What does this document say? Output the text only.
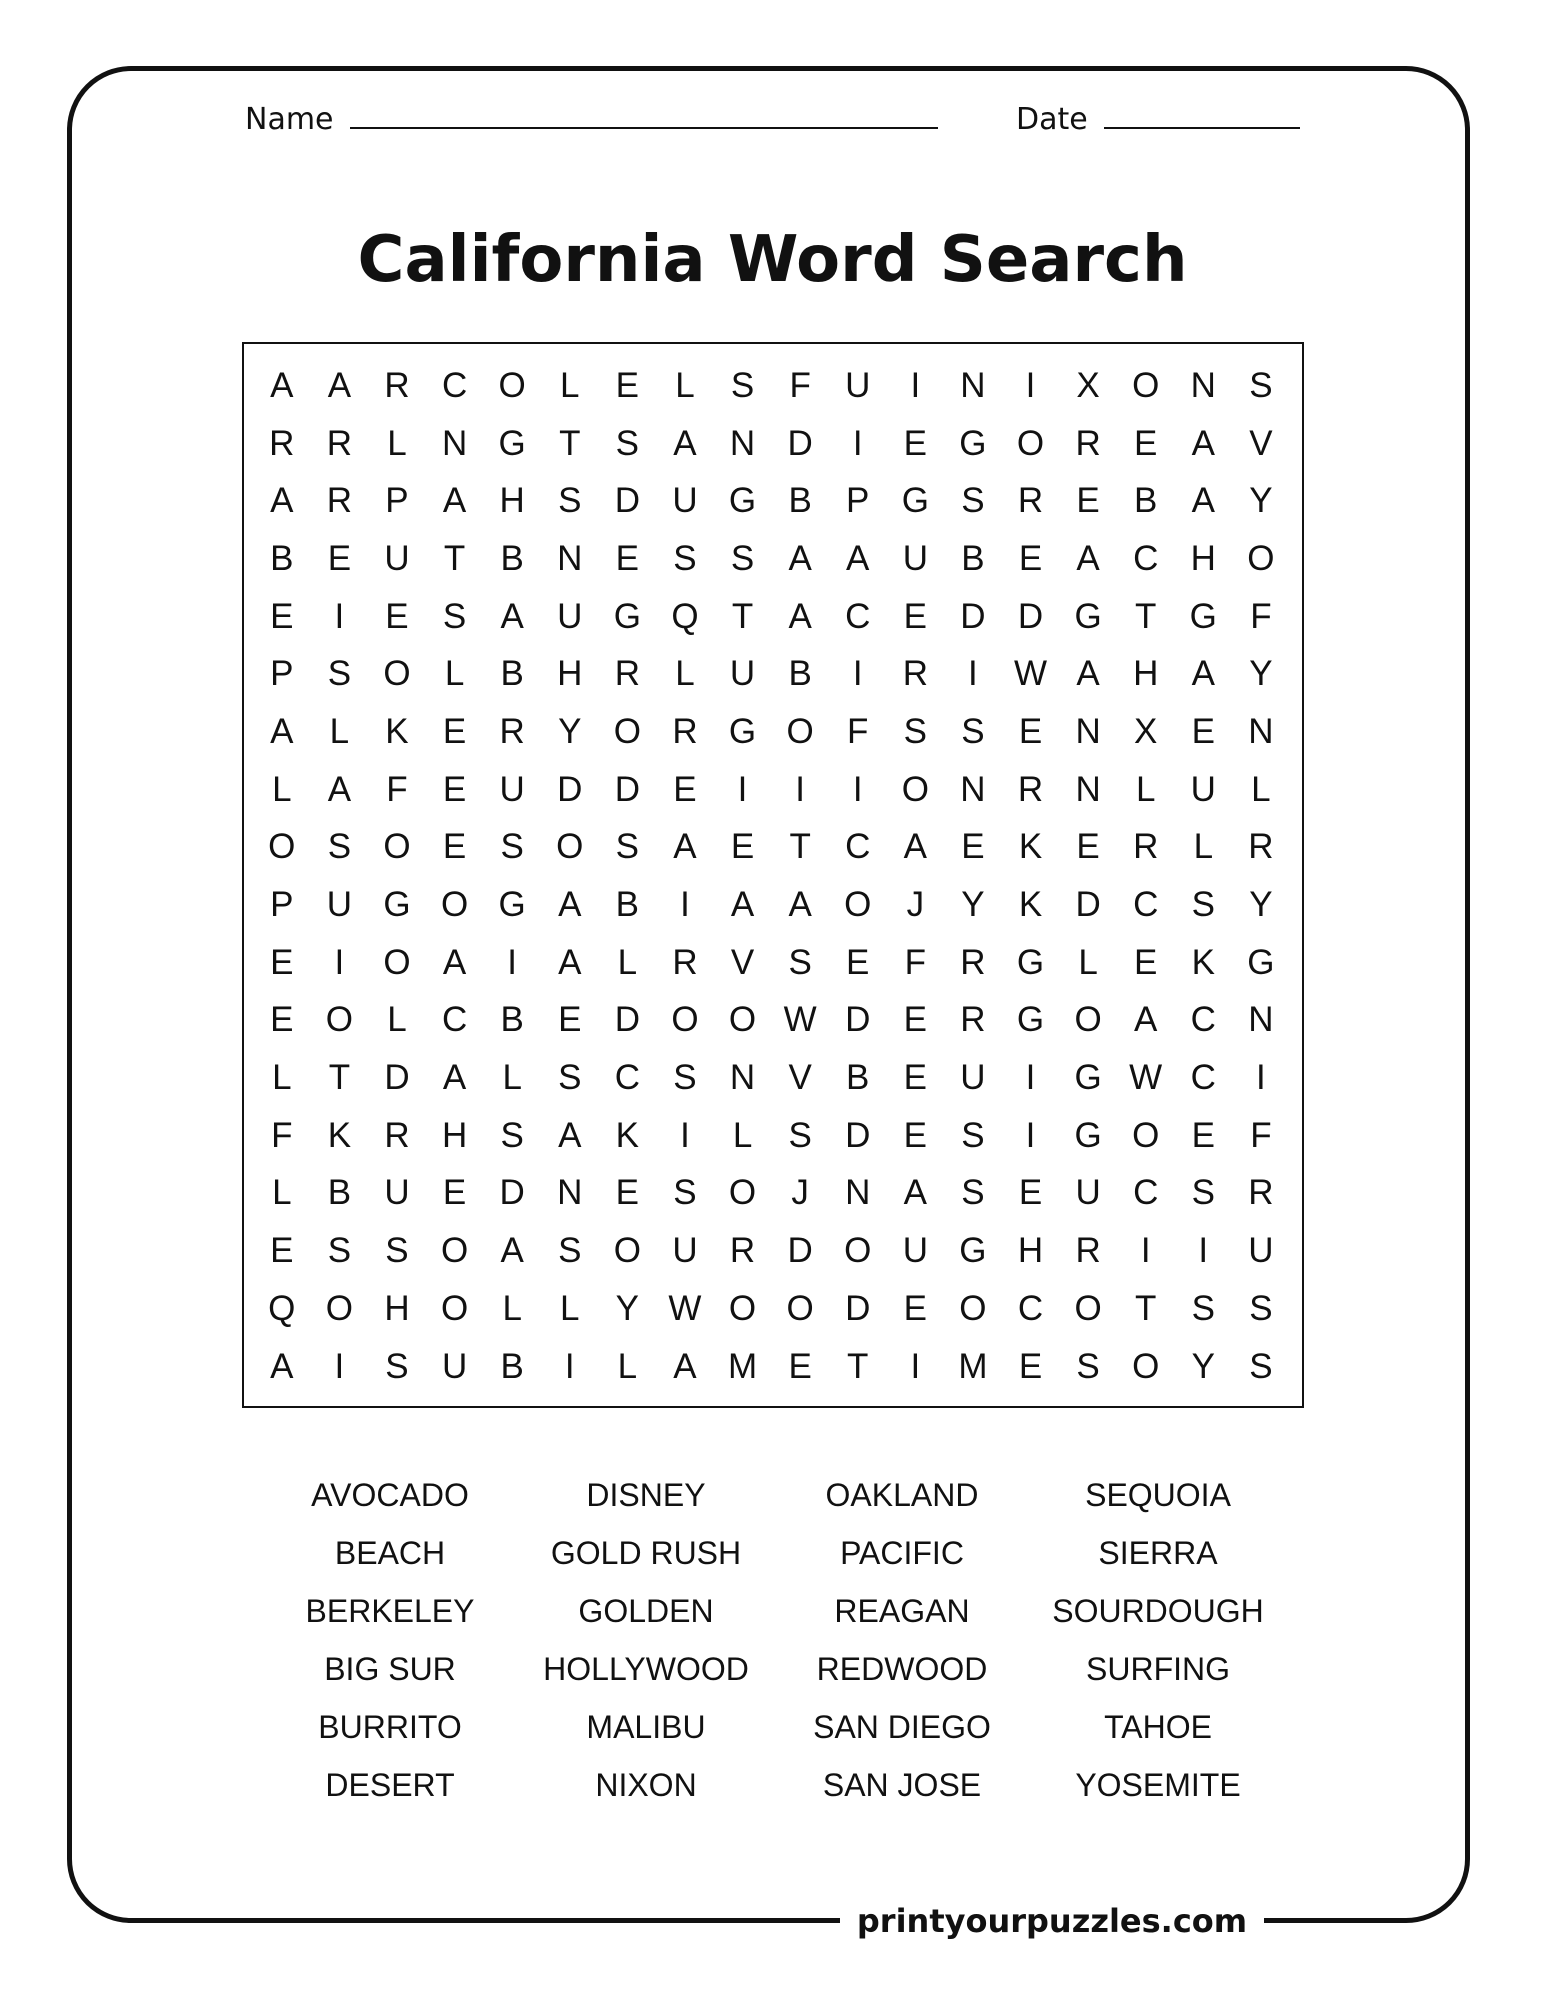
printyourpuzzles.com
Name	Date
California Word Search
A A R C O L	E	L	S	F U	I	N	I	X O N S
R R	L	N G T	S A N D	I	E G O R E A V
A R P A H S D U G B P G S R E B A Y
B E U T	B N E S S A A U B E A C H O
E	I	E S A U G Q T	A C E D D G T G F
P S O L	B H R	L	U B	I	R	I	W A H A Y
A	L	K E R Y O R G O F	S S E N X E N
L	A	F	E U D D E	I	I	I	O N R N	L	U	L
O S O E S O S A E	T C A E K E R	L	R
P U G O G A B	I	A A O	J	Y K D C S Y
E	I	O A	I	A	L	R V S E	F R G L	E K G
E O L	C B E D O O W D E R G O A C N
L	T D A	L	S C S N V B E U	I	G W C	I
F	K R H S A K	I	L	S D E S	I	G O E	F
L	B U E D N E S O	J	N A S E U C S R
E S S O A S O U R D O U G H R	I	I	U
Q O H O L	L	Y W O O D E O C O T	S S
A	I	S U B	I	L	A M E	T	I	M E S O Y S
AVOCADO	DISNEY	OAKLAND	SEQUOIA
BEACH	GOLD RUSH	PACIFIC	SIERRA
BERKELEY	GOLDEN	REAGAN	SOURDOUGH
BIG SUR	HOLLYWOOD	REDWOOD	SURFING
BURRITO	MALIBU	SAN DIEGO	TAHOE
DESERT	NIXON	SAN JOSE	YOSEMITE
